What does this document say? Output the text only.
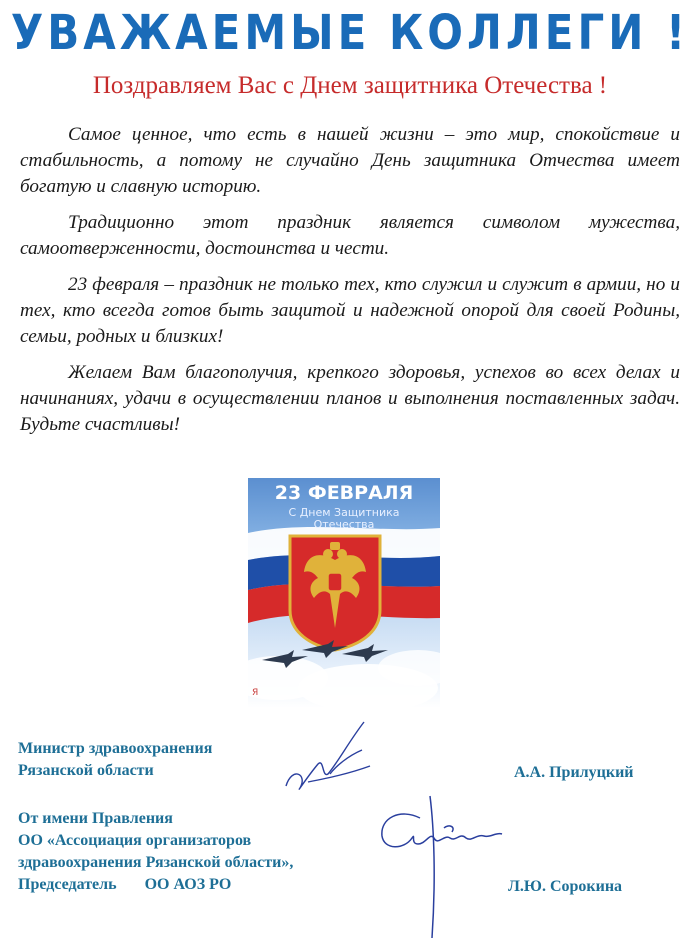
УВАЖАЕМЫЕ КОЛЛЕГИ !
Поздравляем Вас с Днем защитника Отечества !

Самое ценное, что есть в нашей жизни – это мир, спокойствие и стабильность, а потому не случайно День защитника Отчества имеет богатую и славную историю.

Традиционно этот праздник является символом мужества, самоотверженности, достоинства и чести.

23 февраля – праздник не только тех, кто служил и служит в армии, но и тех, кто всегда готов быть защитой и надежной опорой для своей Родины, семьи, родных и близких!

Желаем Вам благополучия, крепкого здоровья, успехов во всех делах и начинаниях, удачи в осуществлении планов и выполнения поставленных задач. Будьте счастливы!

23 ФЕВРАЛЯ
С Днем Защитника
Отечества
Я
Министр здравоохранения
Рязанской области	А.А. Прилуцкий
От имени Правления
ОО «Ассоциация организаторов
здравоохранения Рязанской области»,
Председатель       ОО АОЗ РО	Л.Ю. Сорокина
